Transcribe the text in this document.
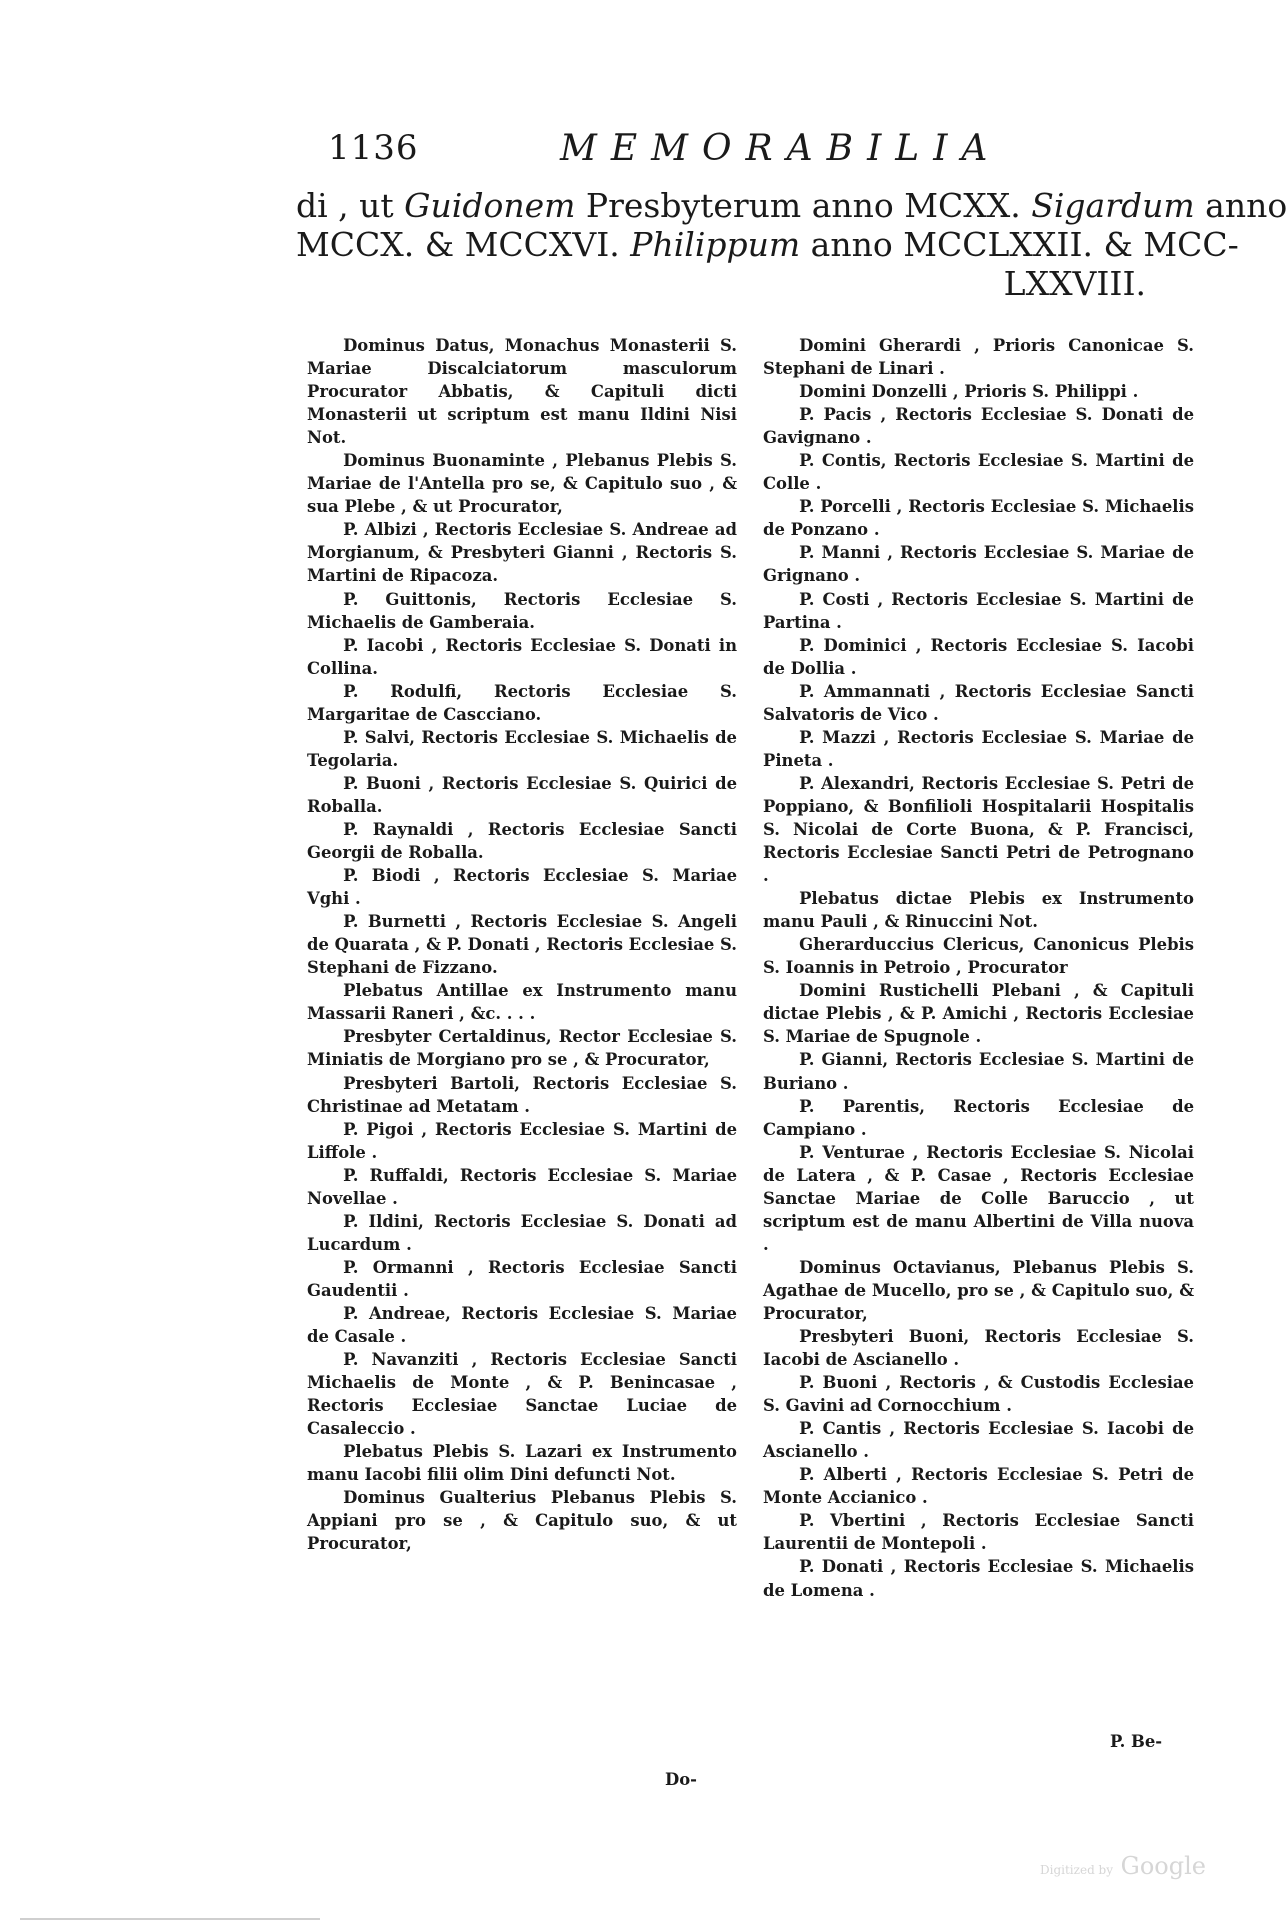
1136	MEMORABILIA
di , ut Guidonem Presbyterum anno MCXX. Sigardum anno
MCCX. & MCCXVI. Philippum anno MCCLXXII. & MCC-
LXXVIII.

Dominus Datus, Monachus Monasterii S. Mariae Discalciatorum masculorum Procurator Abbatis, & Capituli dicti Monasterii ut scriptum est manu Ildini Nisi Not.

Dominus Buonaminte , Plebanus Plebis S. Mariae de l'Antella pro se, & Capitulo suo , & sua Plebe , & ut Procurator,

P. Albizi , Rectoris Ecclesiae S. Andreae ad Morgianum, & Presbyteri Gianni , Rectoris S. Martini de Ripacoza.

P. Guittonis, Rectoris Ecclesiae S. Michaelis de Gamberaia.

P. Iacobi , Rectoris Ecclesiae S. Donati in Collina.

P. Rodulfi, Rectoris Ecclesiae S. Margaritae de Cascciano.

P. Salvi, Rectoris Ecclesiae S. Michaelis de Tegolaria.

P. Buoni , Rectoris Ecclesiae S. Quirici de Roballa.

P. Raynaldi , Rectoris Ecclesiae Sancti Georgii de Roballa.

P. Biodi , Rectoris Ecclesiae S. Mariae Vghi .

P. Burnetti , Rectoris Ecclesiae S. Angeli de Quarata , & P. Donati , Rectoris Ecclesiae S. Stephani de Fizzano.

Plebatus Antillae ex Instrumento manu Massarii Raneri , &c. . . .

Presbyter Certaldinus, Rector Ecclesiae S. Miniatis de Morgiano pro se , & Procurator,

Presbyteri Bartoli, Rectoris Ecclesiae S. Christinae ad Metatam .

P. Pigoi , Rectoris Ecclesiae S. Martini de Liffole .

P. Ruffaldi, Rectoris Ecclesiae S. Mariae Novellae .

P. Ildini, Rectoris Ecclesiae S. Donati ad Lucardum .

P. Ormanni , Rectoris Ecclesiae Sancti Gaudentii .

P. Andreae, Rectoris Ecclesiae S. Mariae de Casale .

P. Navanziti , Rectoris Ecclesiae Sancti Michaelis de Monte , & P. Benincasae , Rectoris Ecclesiae Sanctae Luciae de Casaleccio .

Plebatus Plebis S. Lazari ex Instrumento manu Iacobi filii olim Dini defuncti Not.

Dominus Gualterius Plebanus Plebis S. Appiani pro se , & Capitulo suo, & ut Procurator,

Do-

Domini Gherardi , Prioris Canonicae S. Stephani de Linari .

Domini Donzelli , Prioris S. Philippi .

P. Pacis , Rectoris Ecclesiae S. Donati de Gavignano .

P. Contis, Rectoris Ecclesiae S. Martini de Colle .

P. Porcelli , Rectoris Ecclesiae S. Michaelis de Ponzano .

P. Manni , Rectoris Ecclesiae S. Mariae de Grignano .

P. Costi , Rectoris Ecclesiae S. Martini de Partina .

P. Dominici , Rectoris Ecclesiae S. Iacobi de Dollia .

P. Ammannati , Rectoris Ecclesiae Sancti Salvatoris de Vico .

P. Mazzi , Rectoris Ecclesiae S. Mariae de Pineta .

P. Alexandri, Rectoris Ecclesiae S. Petri de Poppiano, & Bonfilioli Hospitalarii Hospitalis S. Nicolai de Corte Buona, & P. Francisci, Rectoris Ecclesiae Sancti Petri de Petrognano .

Plebatus dictae Plebis ex Instrumento manu Pauli , & Rinuccini Not.

Gherarduccius Clericus, Canonicus Plebis S. Ioannis in Petroio , Procurator

Domini Rustichelli Plebani , & Capituli dictae Plebis , & P. Amichi , Rectoris Ecclesiae S. Mariae de Spugnole .

P. Gianni, Rectoris Ecclesiae S. Martini de Buriano .

P. Parentis, Rectoris Ecclesiae de Campiano .

P. Venturae , Rectoris Ecclesiae S. Nicolai de Latera , & P. Casae , Rectoris Ecclesiae Sanctae Mariae de Colle Baruccio , ut scriptum est de manu Albertini de Villa nuova .

Dominus Octavianus, Plebanus Plebis S. Agathae de Mucello, pro se , & Capitulo suo, & Procurator,

Presbyteri Buoni, Rectoris Ecclesiae S. Iacobi de Ascianello .

P. Buoni , Rectoris , & Custodis Ecclesiae S. Gavini ad Cornocchium .

P. Cantis , Rectoris Ecclesiae S. Iacobi de Ascianello .

P. Alberti , Rectoris Ecclesiae S. Petri de Monte Accianico .

P. Vbertini , Rectoris Ecclesiae Sancti Laurentii de Montepoli .

P. Donati , Rectoris Ecclesiae S. Michaelis de Lomena .

P. Be-
Digitized by Google
